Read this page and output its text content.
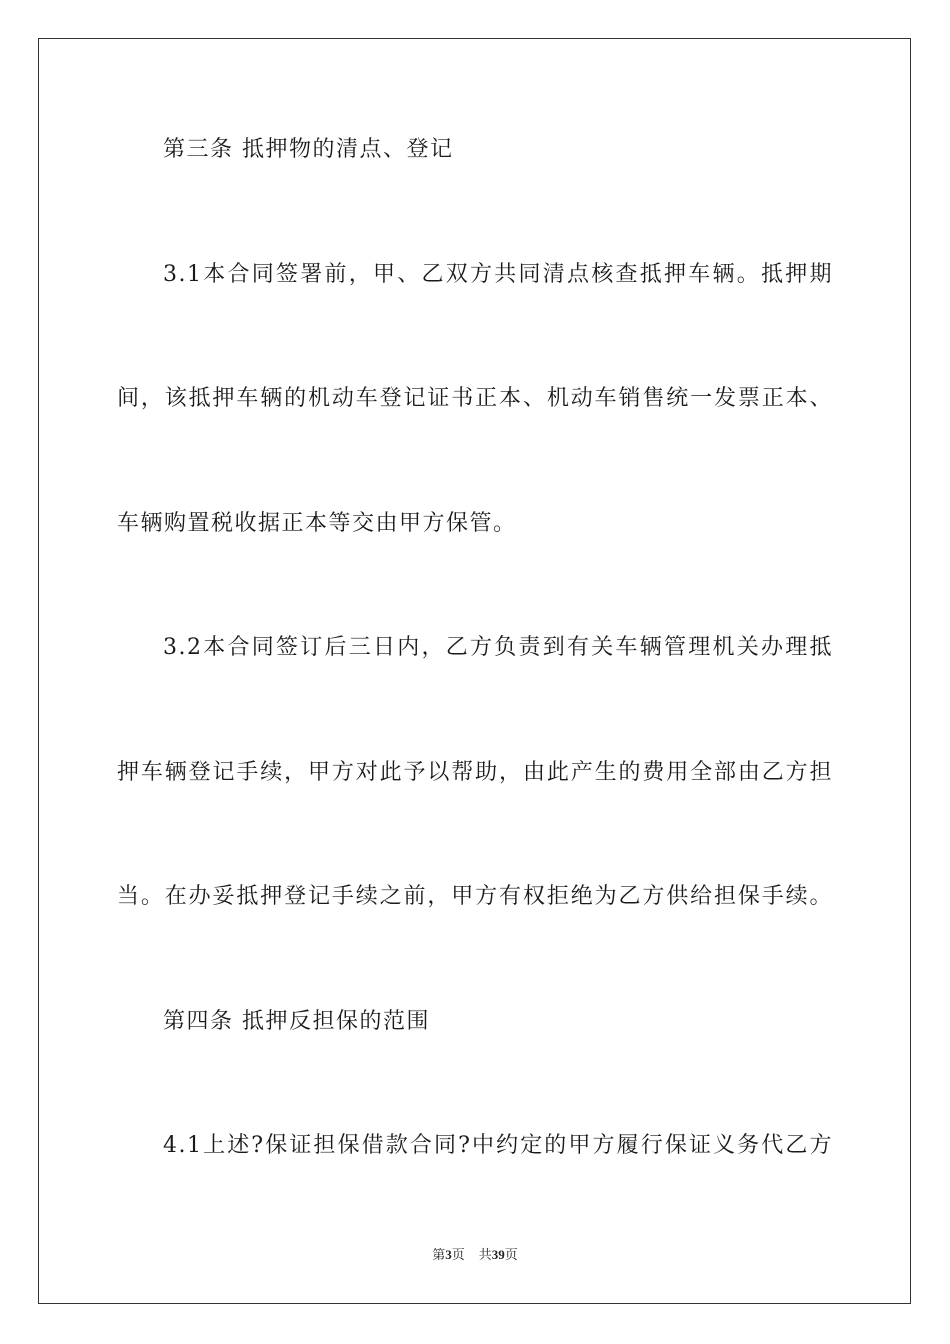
第三条 抵押物的清点、登记
3.1本合同签署前，甲、乙双方共同清点核查抵押车辆。抵押期
间，该抵押车辆的机动车登记证书正本、机动车销售统一发票正本、
车辆购置税收据正本等交由甲方保管。
3.2本合同签订后三日内，乙方负责到有关车辆管理机关办理抵
押车辆登记手续，甲方对此予以帮助，由此产生的费用全部由乙方担
当。在办妥抵押登记手续之前，甲方有权拒绝为乙方供给担保手续。
第四条 抵押反担保的范围
4.1上述?保证担保借款合同?中约定的甲方履行保证义务代乙方
第3页 共39页
